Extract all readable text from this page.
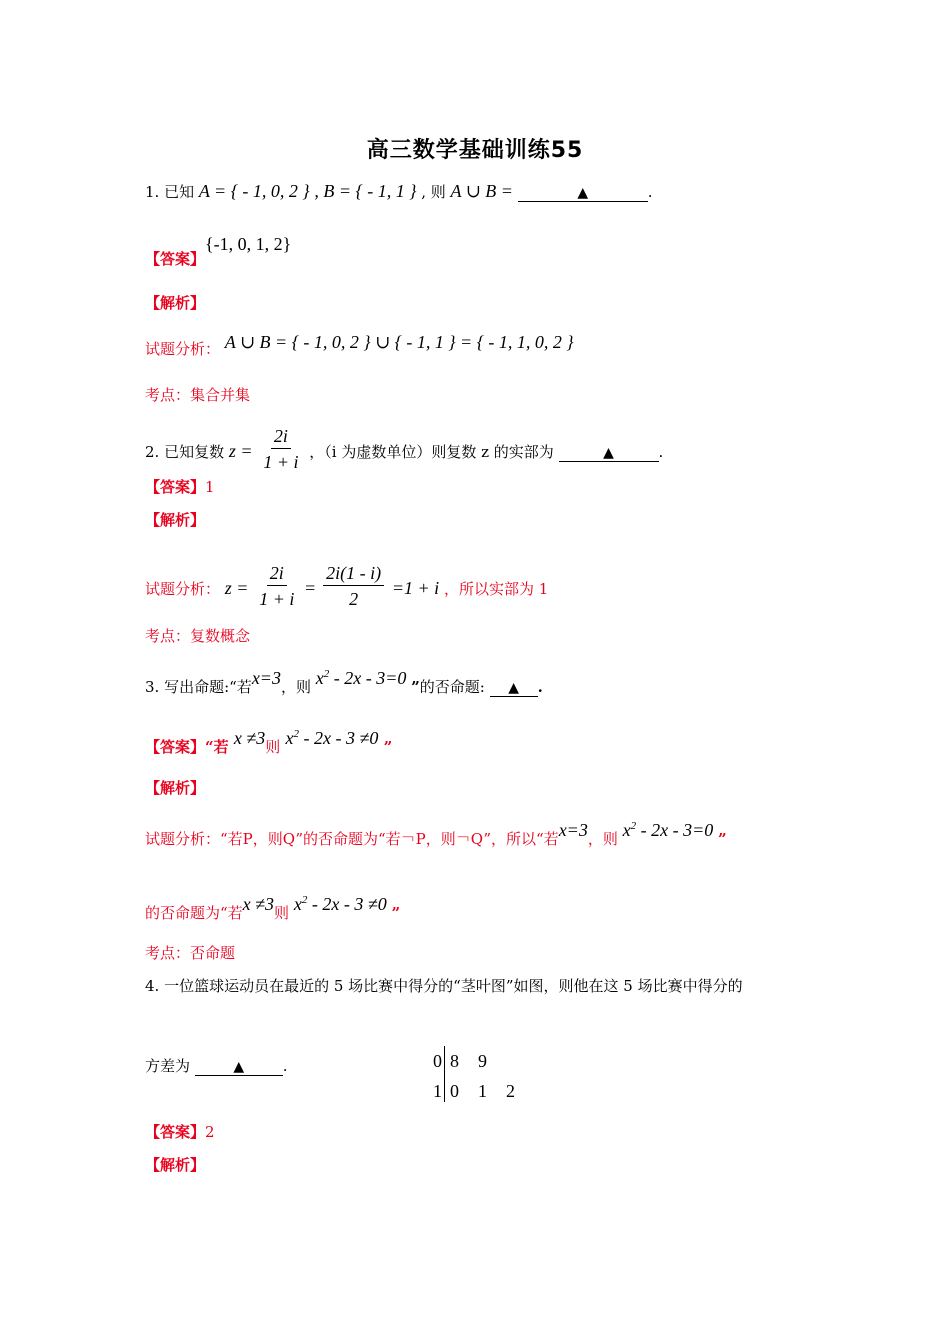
高三数学基础训练55
1. 已知 A = { - 1, 0, 2 } , B = { - 1, 1 } , 则 A ∪ B =	▲	.
【答案】{-1, 0, 1, 2}
【解析】
试题分析： A ∪ B = { - 1, 0, 2 } ∪ { - 1, 1 } = { - 1, 1, 0, 2 }
考点：集合并集
2. 已知复数 $z = \frac{2i}{1 + i}$ ，（i 为虚数单位）则复数 z 的实部为	▲	.
【答案】1
【解析】
试题分析： $z = \frac{2i}{1 + i} = \frac{2i(1 - i)}{2} =1 + i$ ，所以实部为 1
考点：复数概念
3. 写出命题:“若x=3，则 $x^2 - 2x - 3=0$ ”的否命题: ▲ .
【答案】“若 x ≠3则 $x^2 - 2x - 3 \ne 0$ ”
【解析】
试题分析：“若P，则Q”的否命题为“若￢P，则￢Q”，所以“若x=3，则 $x^2 - 2x - 3=0$ ”
的否命题为“若x ≠3则 $x^2 - 2x - 3 \ne 0$ ”
考点：否命题
4. 一位篮球运动员在最近的 5 场比赛中得分的“茎叶图”如图，则他在这 5 场比赛中得分的
方差为	▲	.	0 8 9
1 0 1 2
【答案】2
【解析】
